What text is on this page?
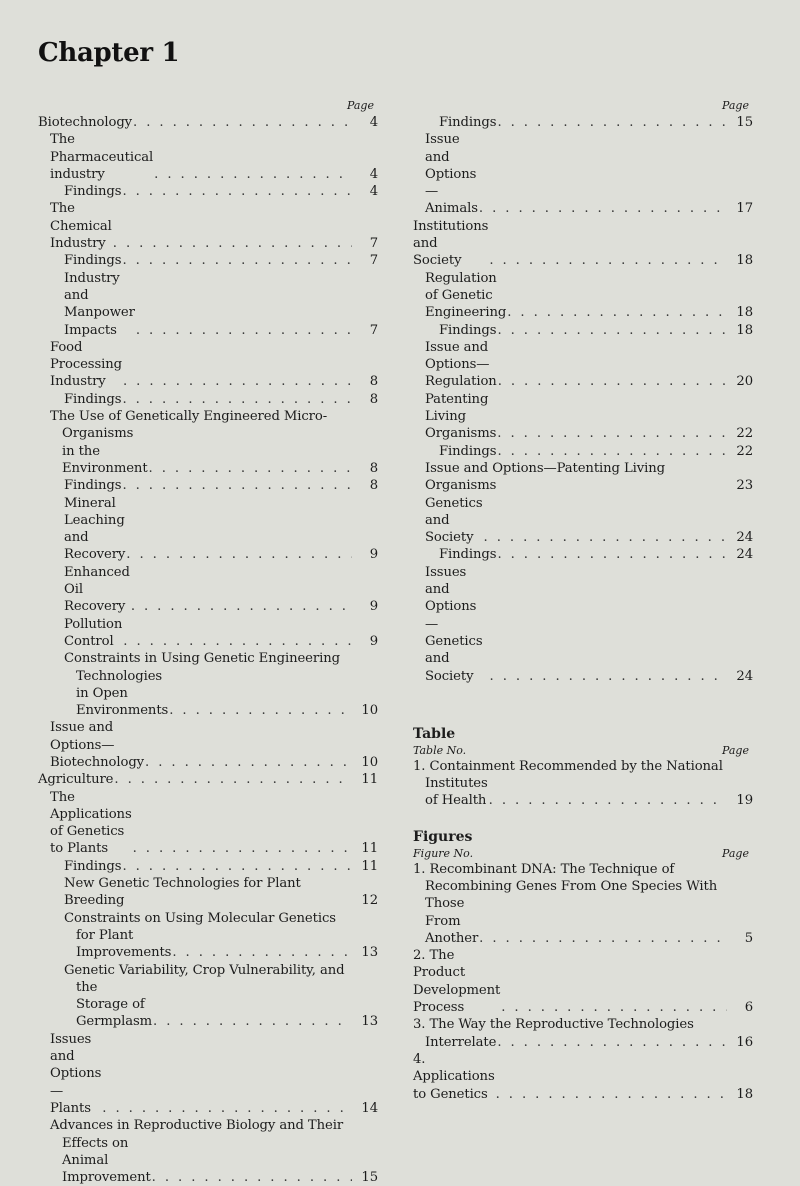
Chapter 1
Page
Biotechnology . . .	4
The Pharmaceutical industry . . .	4
Findings . . .	4
The Chemical Industry . . .	7
Findings . . .	7
Industry and Manpower Impacts . . .	7
Food Processing Industry . . .	8
Findings . . .	8
The Use of Genetically Engineered Micro-
Organisms in the Environment . . .	8
Findings . . .	8
Mineral Leaching and Recovery . . .	9
Enhanced Oil Recovery . . .	9
Pollution Control . . .	9
Constraints in Using Genetic Engineering
Technologies in Open Environments . . .	10
Issue and Options—Biotechnology . . .	10
Agriculture . . .	11
The Applications of Genetics to Plants . . .	11
Findings . . .	11
New Genetic Technologies for Plant Breeding	12
Constraints on Using Molecular Genetics
for Plant Improvements . . .	13
Genetic Variability, Crop Vulnerability, and
the Storage of Germplasm . . .	13
Issues and Options—Plants . . .	14
Advances in Reproductive Biology and Their
Effects on Animal Improvement . . .	15
Page
Findings . . .	15
Issue and Options—Animals . . .	17
Institutions and Society . . .	18
Regulation of Genetic Engineering . . .	18
Findings . . .	18
Issue and Options—Regulation . . .	20
Patenting Living Organisms . . .	22
Findings . . .	22
Issue and Options—Patenting Living Organisms	23
Genetics and Society . . .	24
Findings . . .	24
Issues and Options—Genetics and Society . . .	24
Table
Table No.	Page
1. Containment Recommended by the National
Institutes of Health . . .	19
Figures
Figure No.	Page
1. Recombinant DNA: The Technique of
Recombining Genes From One Species With
Those From Another . . .	5
2. The Product Development Process . . .	6
3. The Way the Reproductive Technologies
Interrelate . . .	16
4. Applications to Genetics . . .	18
